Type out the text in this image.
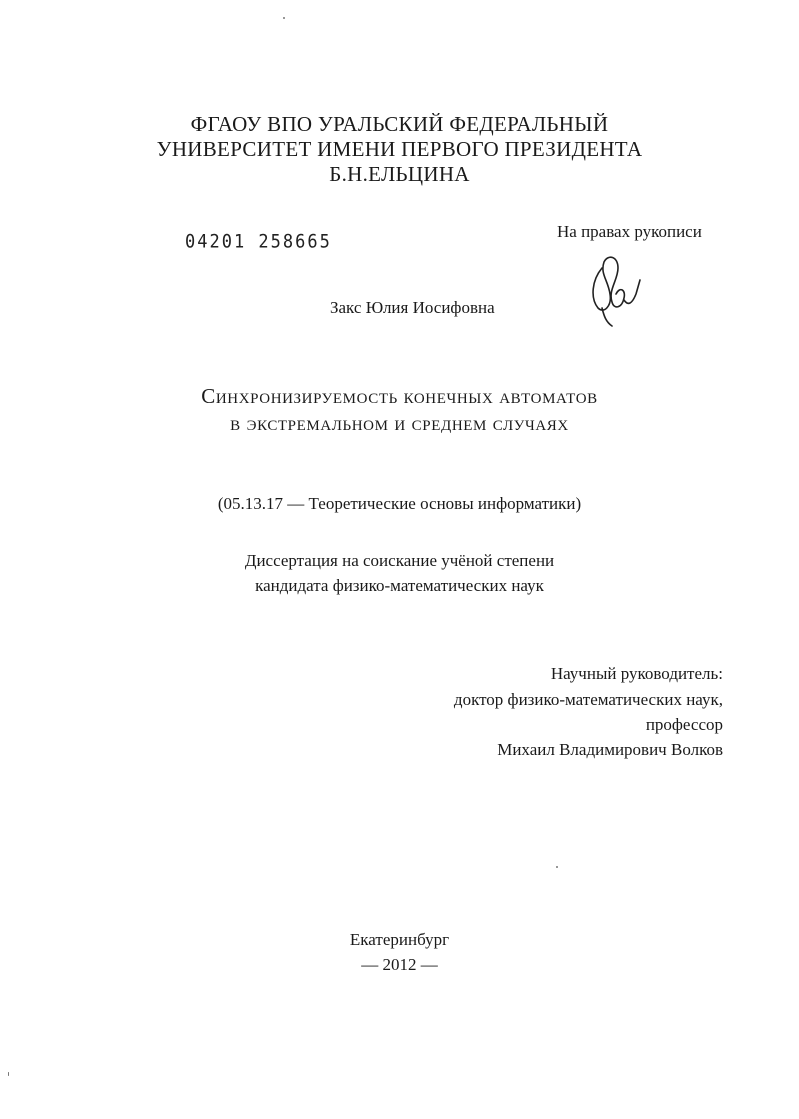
ФГАОУ ВПО УРАЛЬСКИЙ ФЕДЕРАЛЬНЫЙ
УНИВЕРСИТЕТ ИМЕНИ ПЕРВОГО ПРЕЗИДЕНТА
Б.Н.ЕЛЬЦИНА
04201 258665	На правах рукописи
Закс Юлия Иосифовна
Синхронизируемость конечных автоматов
в экстремальном и среднем случаях
(05.13.17 — Теоретические основы информатики)
Диссертация на соискание учёной степени
кандидата физико-математических наук
Научный руководитель:
доктор физико-математических наук,
профессор
Михаил Владимирович Волков
Екатеринбург
— 2012 —
